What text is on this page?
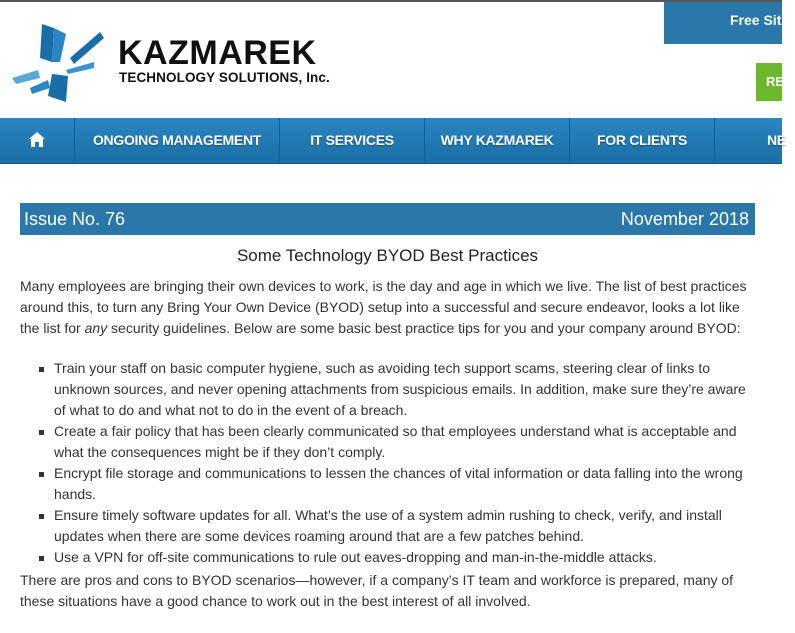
KAZMAREK
TECHNOLOGY SOLUTIONS, Inc.
Free Site
RE
ONGOING MANAGEMENT	IT SERVICES	WHY KAZMAREK	FOR CLIENTS	NE
Issue No. 76	November 2018
Some Technology BYOD Best Practices

Many employees are bringing their own devices to work, is the day and age in which we live. The list of best practices around this, to turn any Bring Your Own Device (BYOD) setup into a successful and secure endeavor, looks a lot like the list for any security guidelines. Below are some basic best practice tips for you and your company around BYOD:

Train your staff on basic computer hygiene, such as avoiding tech support scams, steering clear of links to unknown sources, and never opening attachments from suspicious emails. In addition, make sure they’re aware of what to do and what not to do in the event of a breach.
Create a fair policy that has been clearly communicated so that employees understand what is acceptable and what the consequences might be if they don’t comply.
Encrypt file storage and communications to lessen the chances of vital information or data falling into the wrong hands.
Ensure timely software updates for all. What’s the use of a system admin rushing to check, verify, and install updates when there are some devices roaming around that are a few patches behind.
Use a VPN for off-site communications to rule out eaves-dropping and man-in-the-middle attacks.

There are pros and cons to BYOD scenarios—however, if a company’s IT team and workforce is prepared, many of these situations have a good chance to work out in the best interest of all involved.
